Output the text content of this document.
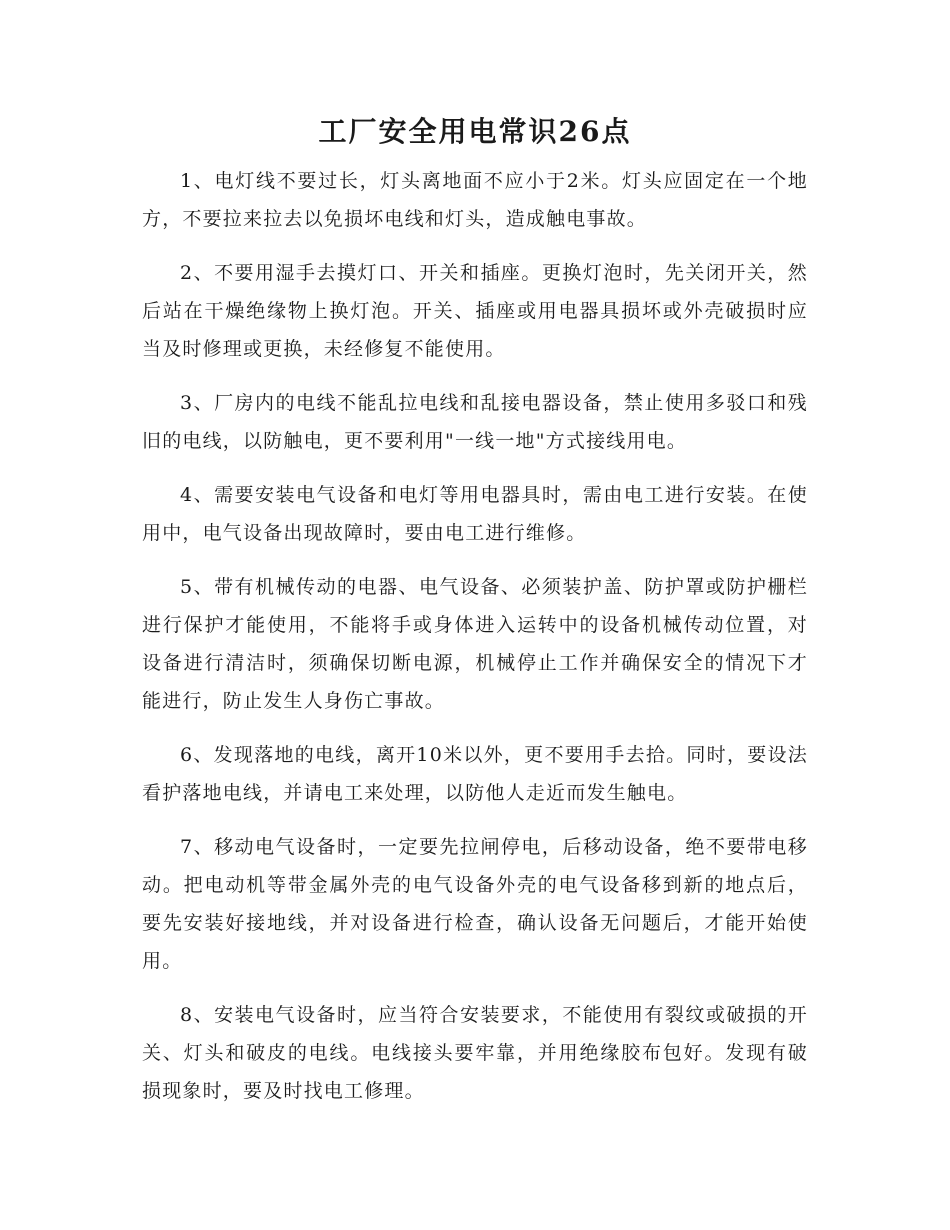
工厂安全用电常识26点

1、电灯线不要过长，灯头离地面不应小于2米。灯头应固定在一个地方，不要拉来拉去以免损坏电线和灯头，造成触电事故。

2、不要用湿手去摸灯口、开关和插座。更换灯泡时，先关闭开关，然后站在干燥绝缘物上换灯泡。开关、插座或用电器具损坏或外壳破损时应当及时修理或更换，未经修复不能使用。

3、厂房内的电线不能乱拉电线和乱接电器设备，禁止使用多驳口和残旧的电线，以防触电，更不要利用"一线一地"方式接线用电。

4、需要安装电气设备和电灯等用电器具时，需由电工进行安装。在使用中，电气设备出现故障时，要由电工进行维修。

5、带有机械传动的电器、电气设备、必须装护盖、防护罩或防护栅栏进行保护才能使用，不能将手或身体进入运转中的设备机械传动位置，对设备进行清洁时，须确保切断电源，机械停止工作并确保安全的情况下才能进行，防止发生人身伤亡事故。

6、发现落地的电线，离开10米以外，更不要用手去拾。同时，要设法看护落地电线，并请电工来处理，以防他人走近而发生触电。

7、移动电气设备时，一定要先拉闸停电，后移动设备，绝不要带电移动。把电动机等带金属外壳的电气设备外壳的电气设备移到新的地点后，要先安装好接地线，并对设备进行检查，确认设备无问题后，才能开始使用。

8、安装电气设备时，应当符合安装要求，不能使用有裂纹或破损的开关、灯头和破皮的电线。电线接头要牢靠，并用绝缘胶布包好。发现有破损现象时，要及时找电工修理。
